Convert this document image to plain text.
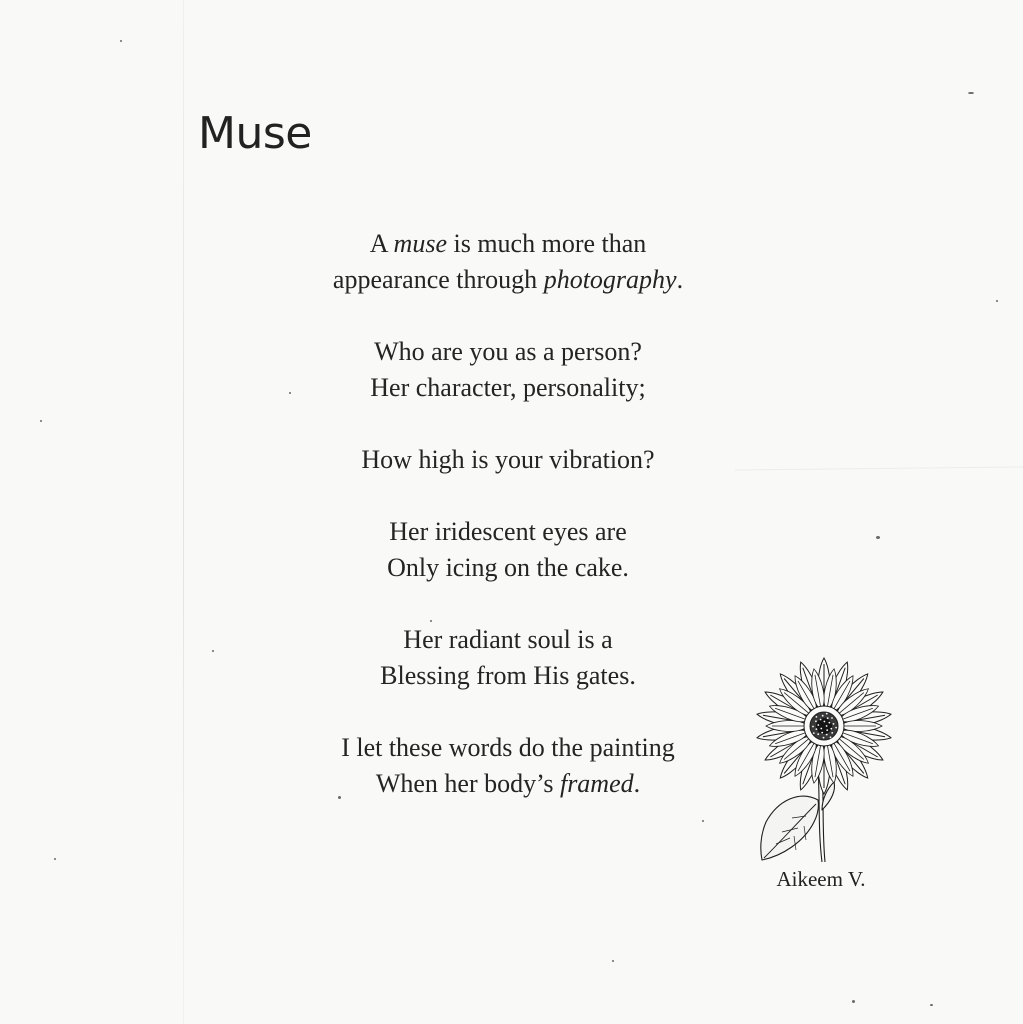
Muse

A muse is much more than
appearance through photography.

Who are you as a person?
Her character, personality;

How high is your vibration?

Her iridescent eyes are
Only icing on the cake.

Her radiant soul is a
Blessing from His gates.

I let these words do the painting
When her body’s framed.

Aikeem V.
